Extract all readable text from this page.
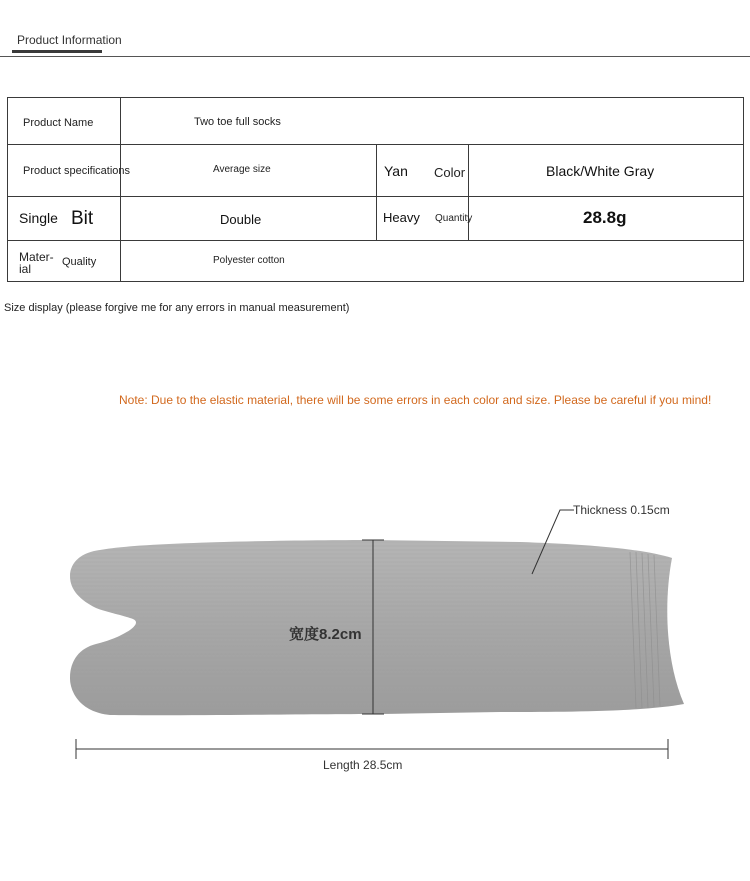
Product Information
Product Name	Two toe full socks
Product specifications	Average size	Yan Color	Black/White Gray
Single Bit	Double	Heavy Quantity	28.8g
Mater-
ial	Quality	Polyester cotton
Size display (please forgive me for any errors in manual measurement)
Note: Due to the elastic material, there will be some errors in each color and size. Please be careful if you mind!
Thickness 0.15cm
宽度8.2cm
Length 28.5cm
